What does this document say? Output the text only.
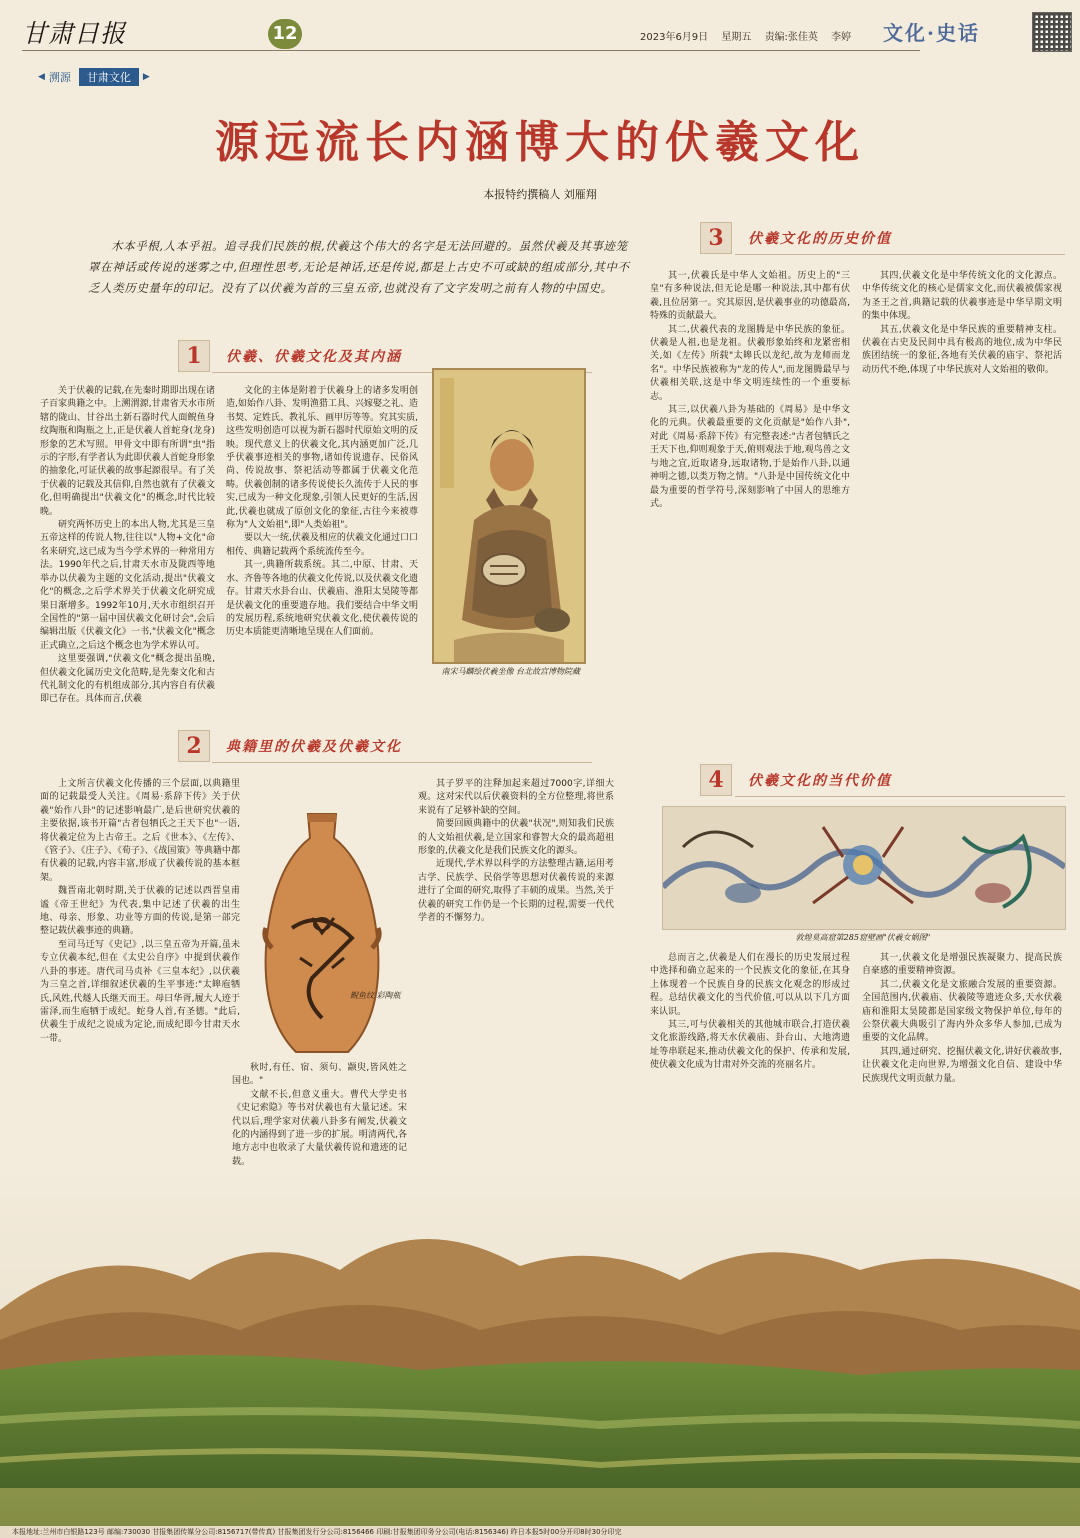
甘肃日报	12	2023年6月9日 星期五 责编:张佳英 李婷	文化·史话
◀ 溯源	甘肃文化	▶
源远流长内涵博大的伏羲文化
本报特约撰稿人 刘雁翔
木本乎根,人本乎祖。追寻我们民族的根,伏羲这个伟大的名字是无法回避的。虽然伏羲及其事迹笼罩在神话或传说的迷雾之中,但理性思考,无论是神话,还是传说,都是上古史不可或缺的组成部分,其中不乏人类历史量年的印记。没有了以伏羲为首的三皇五帝,也就没有了文字发明之前有人物的中国史。
1	伏羲、伏羲文化及其内涵

关于伏羲的记载,在先秦时期即出现在诸子百家典籍之中。上溯渭源,甘肃省天水市所辖的陇山、甘谷出土新石器时代人面鲵鱼身纹陶瓶和陶瓶之上,正是伏羲人首蛇身(龙身)形象的艺术写照。甲骨文中即有所谓"虫"指示的字形,有学者认为此即伏羲人首蛇身形象的抽象化,可证伏羲的故事起源很早。有了关于伏羲的记载及其信仰,自然也就有了伏羲文化,但明确提出"伏羲文化"的概念,时代比较晚。

研究两怀历史上的本出人物,尤其是三皇五帝这样的传说人物,往往以"人物+文化"命名来研究,这已成为当今学术界的一种常用方法。1990年代之后,甘肃天水市及陇西等地举办以伏羲为主题的文化活动,提出"伏羲文化"的概念,之后学术界关于伏羲文化研究成果日渐增多。1992年10月,天水市组织召开全国性的"第一届中国伏羲文化研讨会",会后编辑出版《伏羲文化》一书,"伏羲文化"概念正式确立,之后这个概念也为学术界认可。

这里要强调,"伏羲文化"概念提出虽晚,但伏羲文化属历史文化范畴,是先秦文化和古代礼制文化的有机组成部分,其内容自有伏羲即已存在。具体而言,伏羲

文化的主体是附着于伏羲身上的诸多发明创造,如始作八卦、发明渔猎工具、兴嫁娶之礼、造书契、定姓氏、教礼乐、画甲厉等等。究其实质,这些发明创造可以视为新石器时代原始文明的反映。现代意义上的伏羲文化,其内涵更加广泛,几乎伏羲事迹相关的事物,诸如传说遗存、民俗风尚、传说故事、祭祀活动等都属于伏羲文化范畴。伏羲创制的诸多传说使长久流传于人民的事实,已成为一种文化现象,引领人民更好的生活,因此,伏羲也就成了原创文化的象征,古往今来被尊称为"人文始祖",即"人类始祖"。

要以大一统,伏羲及相应的伏羲文化通过口口相传、典籍记载两个系统流传至今。

其一,典籍所载系统。其二,中原、甘肃、天水、齐鲁等各地的伏羲文化传说,以及伏羲文化遗存。甘肃天水卦台山、伏羲庙、淮阳太昊陵等都是伏羲文化的重要遗存地。我们要结合中华文明的发展历程,系统地研究伏羲文化,使伏羲传说的历史本质能更清晰地呈现在人们面前。

南宋马麟绘伏羲坐像 台北故宫博物院藏
2	典籍里的伏羲及伏羲文化

上文所言伏羲文化传播的三个层面,以典籍里面的记载最受人关注。《周易·系辞下传》关于伏羲"始作八卦"的记述影响最广,是后世研究伏羲的主要依据,该书开篇"古者包牺氏之王天下也"一语,将伏羲定位为上古帝王。之后《世本》、《左传》、《管子》、《庄子》、《荀子》、《战国策》等典籍中都有伏羲的记载,内容丰富,形成了伏羲传说的基本框架。

魏晋南北朝时期,关于伏羲的记述以西晋皇甫谧《帝王世纪》为代表,集中记述了伏羲的出生地、母亲、形象、功业等方面的传说,是第一部完整记载伏羲事迹的典籍。

至司马迁写《史记》,以三皇五帝为开篇,虽未专立伏羲本纪,但在《太史公自序》中提到伏羲作八卦的事迹。唐代司马贞补《三皇本纪》,以伏羲为三皇之首,详细叙述伏羲的生平事迹:"太皞庖牺氏,风姓,代燧人氏继天而王。母曰华胥,履大人迹于雷泽,而生庖牺于成纪。蛇身人首,有圣德。"此后,伏羲生于成纪之说成为定论,而成纪即今甘肃天水一带。

鲵鱼纹 彩陶瓶

秋时,有任、宿、须句、颛臾,皆风姓之国也。"

文献不长,但意义重大。曹代大学史书《史记索隐》等书对伏羲也有大量记述。宋代以后,理学家对伏羲八卦多有阐发,伏羲文化的内涵得到了进一步的扩展。明清两代,各地方志中也收录了大量伏羲传说和遗迹的记载。

其子罗平的注释加起来超过7000字,详细大观。这对宋代以后伏羲资料的全方位整理,将世系来说有了足够补缺的空间。

简要回顾典籍中的伏羲"状况",则知我们民族的人文始祖伏羲,是立国家和睿智大众的最高超祖形象的,伏羲文化是我们民族文化的源头。

近现代,学术界以科学的方法整理古籍,运用考古学、民族学、民俗学等思想对伏羲传说的来源进行了全面的研究,取得了丰硕的成果。当然,关于伏羲的研究工作仍是一个长期的过程,需要一代代学者的不懈努力。

3	伏羲文化的历史价值

其一,伏羲氏是中华人文始祖。历史上的"三皇"有多种说法,但无论是哪一种说法,其中都有伏羲,且位居第一。究其原因,是伏羲事业的功德最高,特殊的贡献最大。

其二,伏羲代表的龙图腾是中华民族的象征。伏羲是人祖,也是龙祖。伏羲形象始终和龙紧密相关,如《左传》所载"太皞氏以龙纪,故为龙师而龙名"。中华民族被称为"龙的传人",而龙图腾最早与伏羲相关联,这是中华文明连续性的一个重要标志。

其三,以伏羲八卦为基础的《周易》是中华文化的元典。伏羲最重要的文化贡献是"始作八卦",对此《周易·系辞下传》有完整表述:"古者包牺氏之王天下也,仰则观象于天,俯则观法于地,观鸟兽之文与地之宜,近取诸身,远取诸物,于是始作八卦,以通神明之德,以类万物之情。"八卦是中国传统文化中最为重要的哲学符号,深刻影响了中国人的思维方式。

其四,伏羲文化是中华传统文化的文化源点。中华传统文化的核心是儒家文化,而伏羲被儒家视为圣王之首,典籍记载的伏羲事迹是中华早期文明的集中体现。

其五,伏羲文化是中华民族的重要精神支柱。伏羲在古史及民间中具有极高的地位,成为中华民族团结统一的象征,各地有关伏羲的庙宇、祭祀活动历代不绝,体现了中华民族对人文始祖的敬仰。

4	伏羲文化的当代价值
敦煌莫高窟第285窟壁画"伏羲女娲图"

总而言之,伏羲是人们在漫长的历史发展过程中选择和确立起来的一个民族文化的象征,在其身上体现着一个民族自身的民族文化观念的形成过程。总结伏羲文化的当代价值,可以从以下几方面来认识。

其三,可与伏羲相关的其他城市联合,打造伏羲文化旅游线路,将天水伏羲庙、卦台山、大地湾遗址等串联起来,推动伏羲文化的保护、传承和发展,使伏羲文化成为甘肃对外交流的亮丽名片。

其一,伏羲文化是增强民族凝聚力、提高民族自豪感的重要精神资源。

其二,伏羲文化是文旅融合发展的重要资源。全国范围内,伏羲庙、伏羲陵等遗迹众多,天水伏羲庙和淮阳太昊陵都是国家级文物保护单位,每年的公祭伏羲大典吸引了海内外众多华人参加,已成为重要的文化品牌。

其四,通过研究、挖掘伏羲文化,讲好伏羲故事,让伏羲文化走向世界,为增强文化自信、建设中华民族现代文明贡献力量。

本报地址:兰州市白银路123号 邮编:730030 甘报集团传媒分公司:8156717(带传真) 甘报集团发行分公司:8156466 印刷:甘报集团印务分公司(电话:8156346) 昨日本报5时00分开印8时30分印完
